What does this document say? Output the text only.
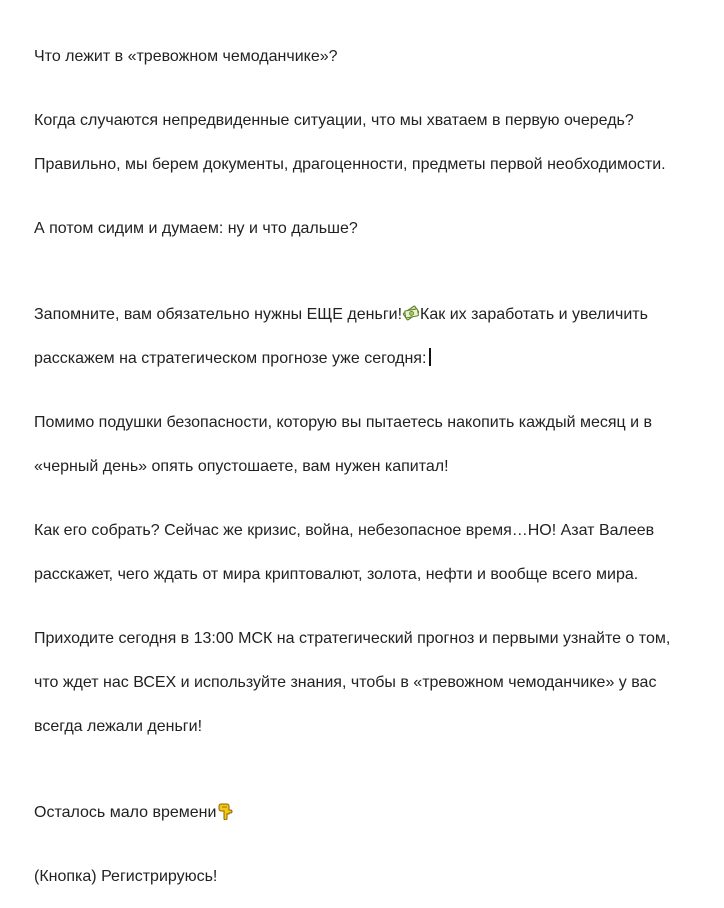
Что лежит в «тревожном чемоданчике»?

Когда случаются непредвиденные ситуации, что мы хватаем в первую очередь?

Правильно, мы берем документы, драгоценности, предметы первой необходимости.

А потом сидим и думаем: ну и что дальше?

Запомните, вам обязательно нужны ЕЩЕ деньги! Как их заработать и увеличить

расскажем на стратегическом прогнозе уже сегодня:

Помимо подушки безопасности, которую вы пытаетесь накопить каждый месяц и в

«черный день» опять опустошаете, вам нужен капитал!

Как его собрать? Сейчас же кризис, война, небезопасное время…НО! Азат Валеев

расскажет, чего ждать от мира криптовалют, золота, нефти и вообще всего мира.

Приходите сегодня в 13:00 МСК на стратегический прогноз и первыми узнайте о том,

что ждет нас ВСЕХ и используйте знания, чтобы в «тревожном чемоданчике» у вас

всегда лежали деньги!

Осталось мало времени

(Кнопка) Регистрируюсь!
